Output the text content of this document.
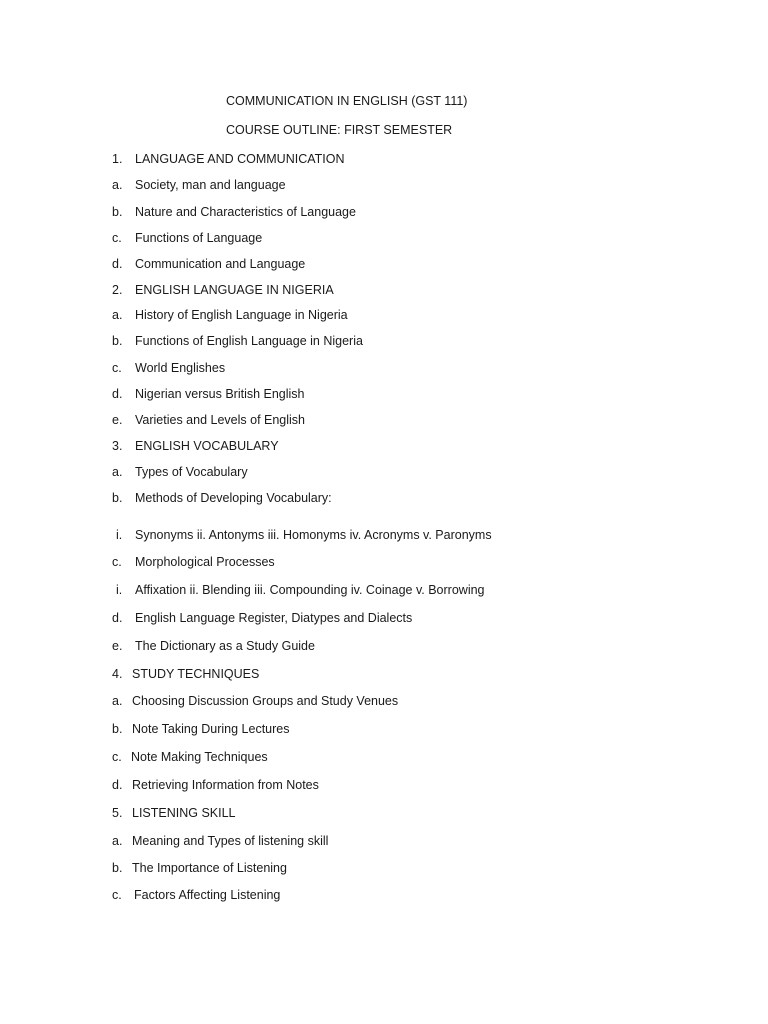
COMMUNICATION IN ENGLISH (GST 111)
COURSE OUTLINE: FIRST SEMESTER
1. LANGUAGE AND COMMUNICATION
a. Society, man and language
b. Nature and Characteristics of Language
c. Functions of Language
d. Communication and Language
2. ENGLISH LANGUAGE IN NIGERIA
a. History of English Language in Nigeria
b. Functions of English Language in Nigeria
c. World Englishes
d. Nigerian versus British English
e. Varieties and Levels of English
3. ENGLISH VOCABULARY
a. Types of Vocabulary
b. Methods of Developing Vocabulary:
i. Synonyms ii. Antonyms iii. Homonyms iv. Acronyms v. Paronyms
c. Morphological Processes
i. Affixation ii. Blending iii. Compounding iv. Coinage v. Borrowing
d. English Language Register, Diatypes and Dialects
e. The Dictionary as a Study Guide
4. STUDY TECHNIQUES
a. Choosing Discussion Groups and Study Venues
b. Note Taking During Lectures
c. Note Making Techniques
d. Retrieving Information from Notes
5. LISTENING SKILL
a. Meaning and Types of listening skill
b. The Importance of Listening
c. Factors Affecting Listening
